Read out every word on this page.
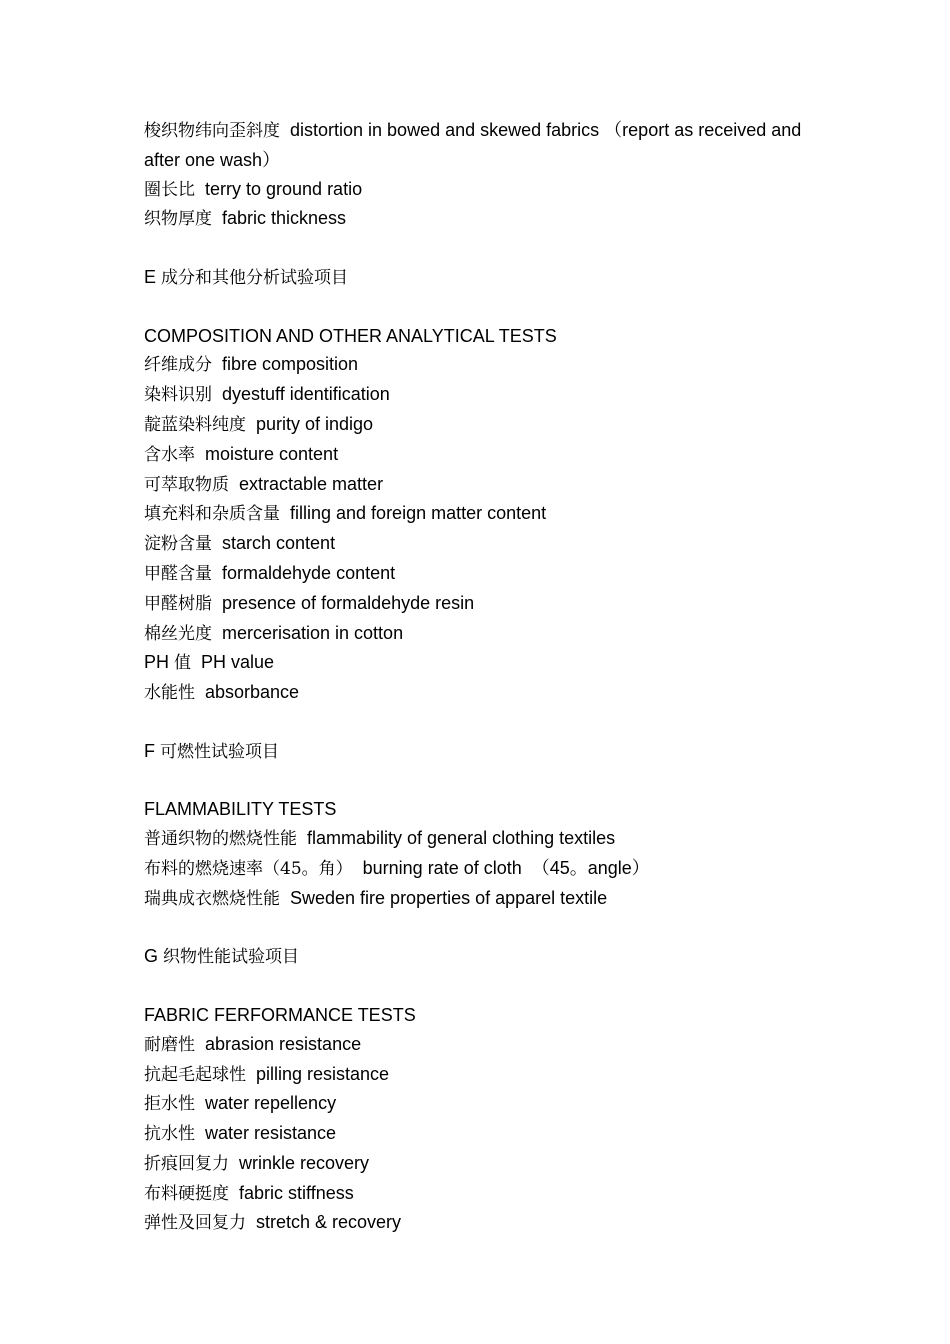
梭织物纬向歪斜度  distortion in bowed and skewed fabrics （report as received and after one wash）

圈长比  terry to ground ratio

织物厚度  fabric thickness

E 成分和其他分析试验项目

COMPOSITION AND OTHER ANALYTICAL TESTS

纤维成分  fibre composition

染料识别  dyestuff identification

靛蓝染料纯度  purity of indigo

含水率  moisture content

可萃取物质  extractable matter

填充料和杂质含量  filling and foreign matter content

淀粉含量  starch content

甲醛含量  formaldehyde content

甲醛树脂  presence of formaldehyde resin

棉丝光度  mercerisation in cotton

PH 值  PH value

水能性  absorbance

F 可燃性试验项目

FLAMMABILITY TESTS

普通织物的燃烧性能  flammability of general clothing textiles

布料的燃烧速率（45。角）  burning rate of cloth  （45。angle）

瑞典成衣燃烧性能  Sweden fire properties of apparel textile

G 织物性能试验项目

FABRIC FERFORMANCE TESTS

耐磨性  abrasion resistance

抗起毛起球性  pilling resistance

拒水性  water repellency

抗水性  water resistance

折痕回复力  wrinkle recovery

布料硬挺度  fabric stiffness

弹性及回复力  stretch & recovery
